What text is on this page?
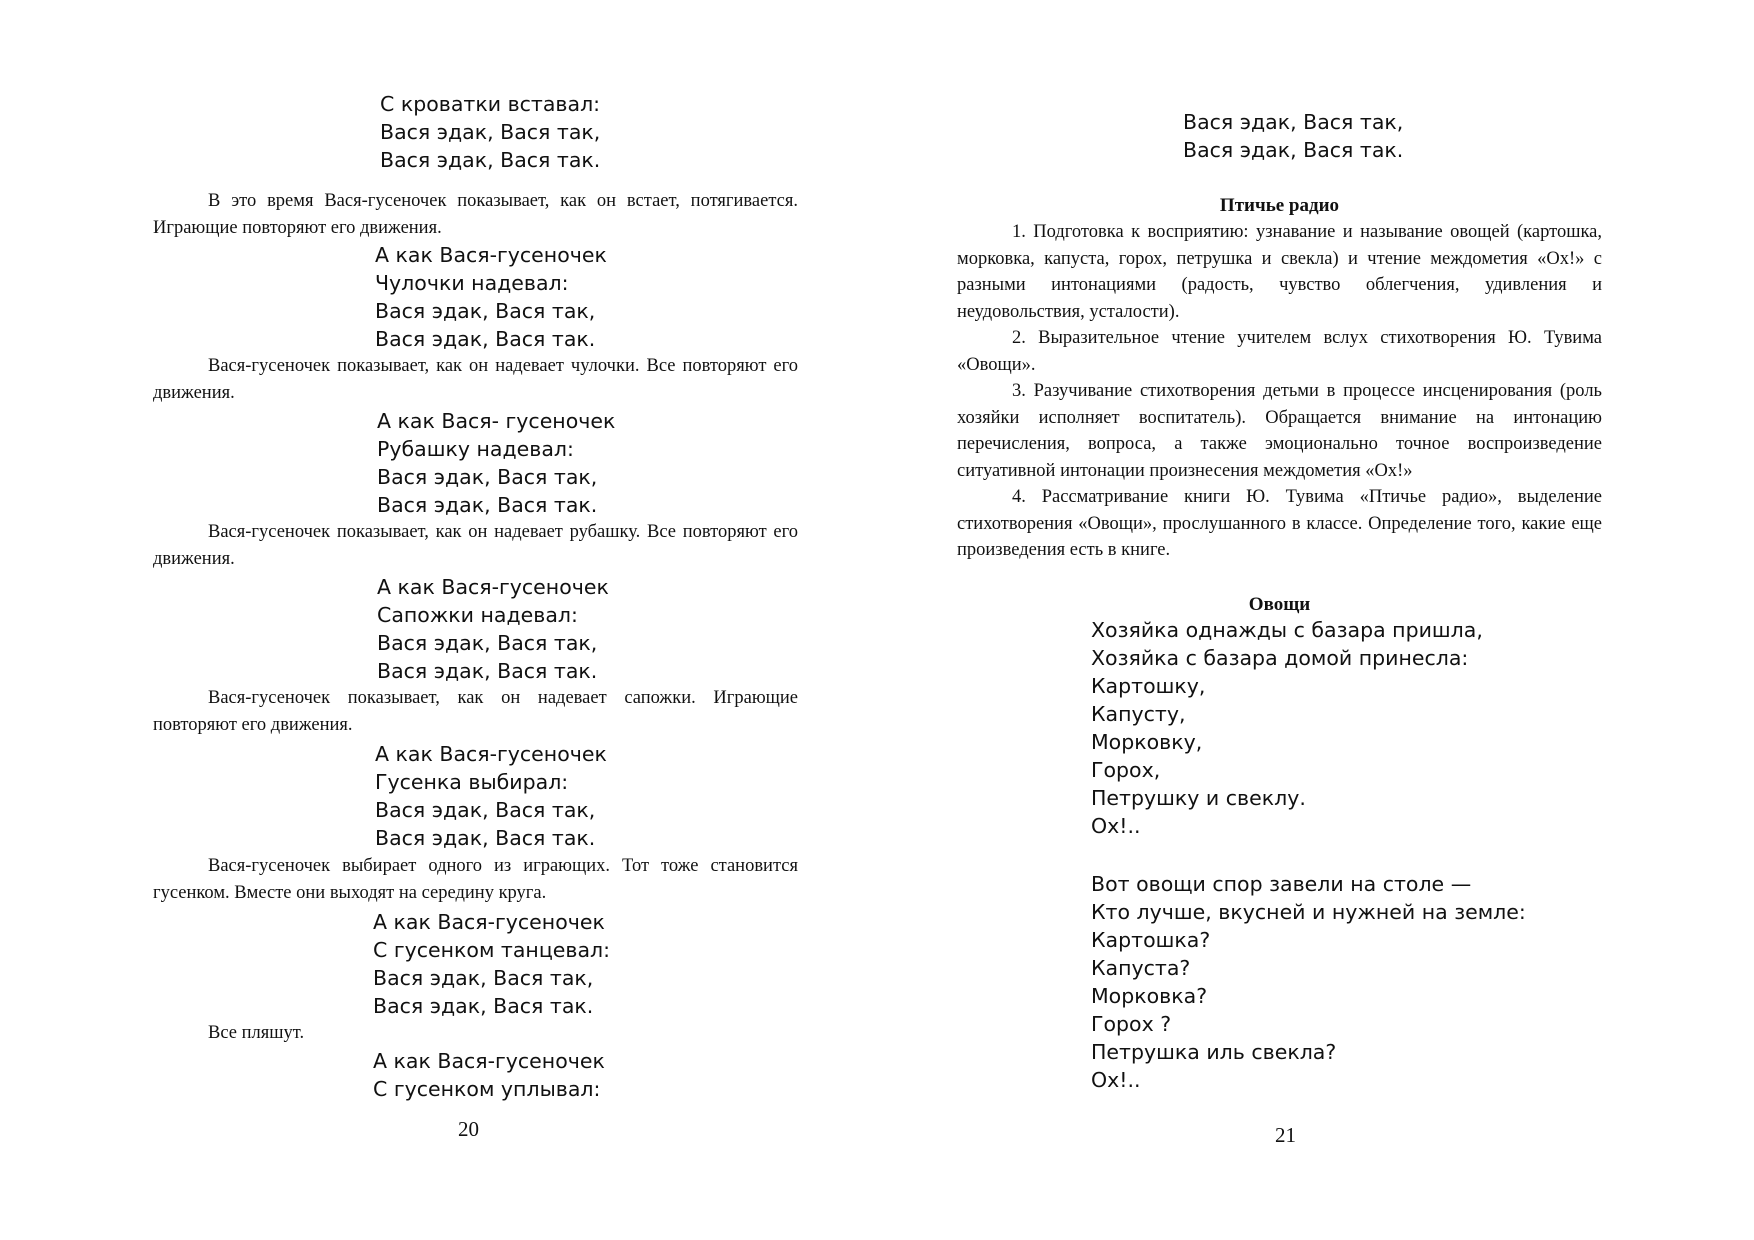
С кроватки вставал:
Вася эдак, Вася так,
Вася эдак, Вася так.
В это время Вася-гусеночек показывает, как он встает, потягивается. Играющие повторяют его движения.
А как Вася-гусеночек
Чулочки надевал:
Вася эдак, Вася так,
Вася эдак, Вася так.
Вася-гусеночек показывает, как он надевает чулочки. Все повторяют его движения.
А как Вася- гусеночек
Рубашку надевал:
Вася эдак, Вася так,
Вася эдак, Вася так.
Вася-гусеночек показывает, как он надевает рубашку. Все повторяют его движения.
А как Вася-гусеночек
Сапожки надевал:
Вася эдак, Вася так,
Вася эдак, Вася так.
Вася-гусеночек показывает, как он надевает сапожки. Играющие повторяют его движения.
А как Вася-гусеночек
Гусенка выбирал:
Вася эдак, Вася так,
Вася эдак, Вася так.
Вася-гусеночек выбирает одного из играющих. Тот тоже становится гусенком. Вместе они выходят на середину круга.
А как Вася-гусеночек
С гусенком танцевал:
Вася эдак, Вася так,
Вася эдак, Вася так.
Все пляшут.
А как Вася-гусеночек
С гусенком уплывал:
20
Вася эдак, Вася так,
Вася эдак, Вася так.
Птичье радио
1. Подготовка к восприятию: узнавание и называние овощей (картошка, морковка, капуста, горох, петрушка и свекла) и чтение междометия «Ох!» с разными интонациями (радость, чувство облегчения, удивления и неудовольствия, усталости).
2. Выразительное чтение учителем вслух стихотворения Ю. Тувима «Овощи».
3. Разучивание стихотворения детьми в процессе инсценирования (роль хозяйки исполняет воспитатель). Обращается внимание на интонацию перечисления, вопроса, а также эмоционально точное воспроизведение ситуативной интонации произнесения междометия «Ох!»
4. Рассматривание книги Ю. Тувима «Птичье радио», выделение стихотворения «Овощи», прослушанного в классе. Определение того, какие еще произведения есть в книге.
Овощи
Хозяйка однажды с базара пришла,
Хозяйка с базара домой принесла:
Картошку,
Капусту,
Морковку,
Горох,
Петрушку и свеклу.
Ох!..
Вот овощи спор завели на столе —
Кто лучше, вкусней и нужней на земле:
Картошка?
Капуста?
Морковка?
Горох ?
Петрушка иль свекла?
Ох!..
21
